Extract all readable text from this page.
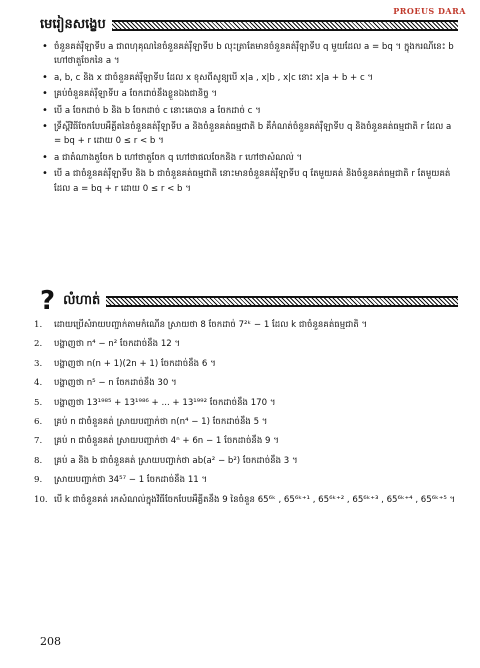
PROEUS DARA
មេរៀនសង្ខេប
• ចំនួនគត់រ៉ឺឡាទីប a ជាពហុគុណនៃចំនួនគត់រ៉ឺឡាទីប b លុះត្រាតែមានចំនួនគត់រ៉ឺឡាទីប q មួយដែល a = bq ។ ក្នុងករណីនេះ b ហៅថាតួចែកនៃ a ។
• a, b, c និង x ជាចំនួនគត់រ៉ឺឡាទីប ដែល x ខុសពីសូន្យបើ x|a , x|b , x|c នោះ x|a + b + c ។
• គ្រប់ចំនួនគត់រ៉ឺឡាទីប a ចែកដាច់នឹងខ្លួនឯងជានិច្ច ។
• បើ a ចែកដាច់ b និង b ចែកដាច់ c នោះគេបាន a ចែកដាច់ c ។
• ទ្រឹស្តីវិធីចែកបែបអឺគ្លីតនៃចំនួនគត់រ៉ឺឡាទីប a និងចំនួនគត់ធម្មជាតិ b គឺកំណត់ចំនួនគត់រ៉ឺឡាទីប q និងចំនួនគត់ធម្មជាតិ r ដែល a = bq + r ដោយ 0 ≤ r < b ។
• a ជាតំណាងតួចែក b ហៅថាតួចែក q ហៅថាផលចែកនិង r ហៅថាសំណល់ ។
• បើ a ជាចំនួនគត់រ៉ឺឡាទីប និង b ជាចំនួនគត់ធម្មជាតិ នោះមានចំនួនគត់រ៉ឺឡាទីប q តែមួយគត់ និងចំនួនគត់ធម្មជាតិ r តែមួយគត់ ដែល a = bq + r ដោយ 0 ≤ r < b ។
? លំហាត់
1. ដោយប្រើសំរាយបញ្ជាក់តាមកំណើន ស្រាយថា 8 ចែកដាច់ 7²ᵏ − 1 ដែល k ជាចំនួនគត់ធម្មជាតិ ។
2. បង្ហាញថា n⁴ − n² ចែកដាច់នឹង 12 ។
3. បង្ហាញថា n(n + 1)(2n + 1) ចែកដាច់នឹង 6 ។
4. បង្ហាញថា n⁵ − n ចែកដាច់នឹង 30 ។
5. បង្ហាញថា 13¹⁹⁸⁵ + 13¹⁹⁸⁶ + ... + 13¹⁹⁹² ចែកដាច់នឹង 170 ។
6. គ្រប់ n ជាចំនួនគត់ ស្រាយបញ្ជាក់ថា n(n⁴ − 1) ចែកដាច់នឹង 5 ។
7. គ្រប់ n ជាចំនួនគត់ ស្រាយបញ្ជាក់ថា 4ⁿ + 6n − 1 ចែកដាច់នឹង 9 ។
8. គ្រប់ a និង b ជាចំនួនគត់ ស្រាយបញ្ជាក់ថា ab(a² − b²) ចែកដាច់នឹង 3 ។
9. ស្រាយបញ្ជាក់ថា 34⁵⁷ − 1 ចែកដាច់នឹង 11 ។
10. បើ k ជាចំនួនគត់ រកសំណល់ក្នុងវិធីចែកបែបអឺគ្លីតនឹង 9 នៃចំនួន 65⁶ᵏ , 65⁶ᵏ⁺¹ , 65⁶ᵏ⁺² , 65⁶ᵏ⁺³ , 65⁶ᵏ⁺⁴ , 65⁶ᵏ⁺⁵ ។
208
